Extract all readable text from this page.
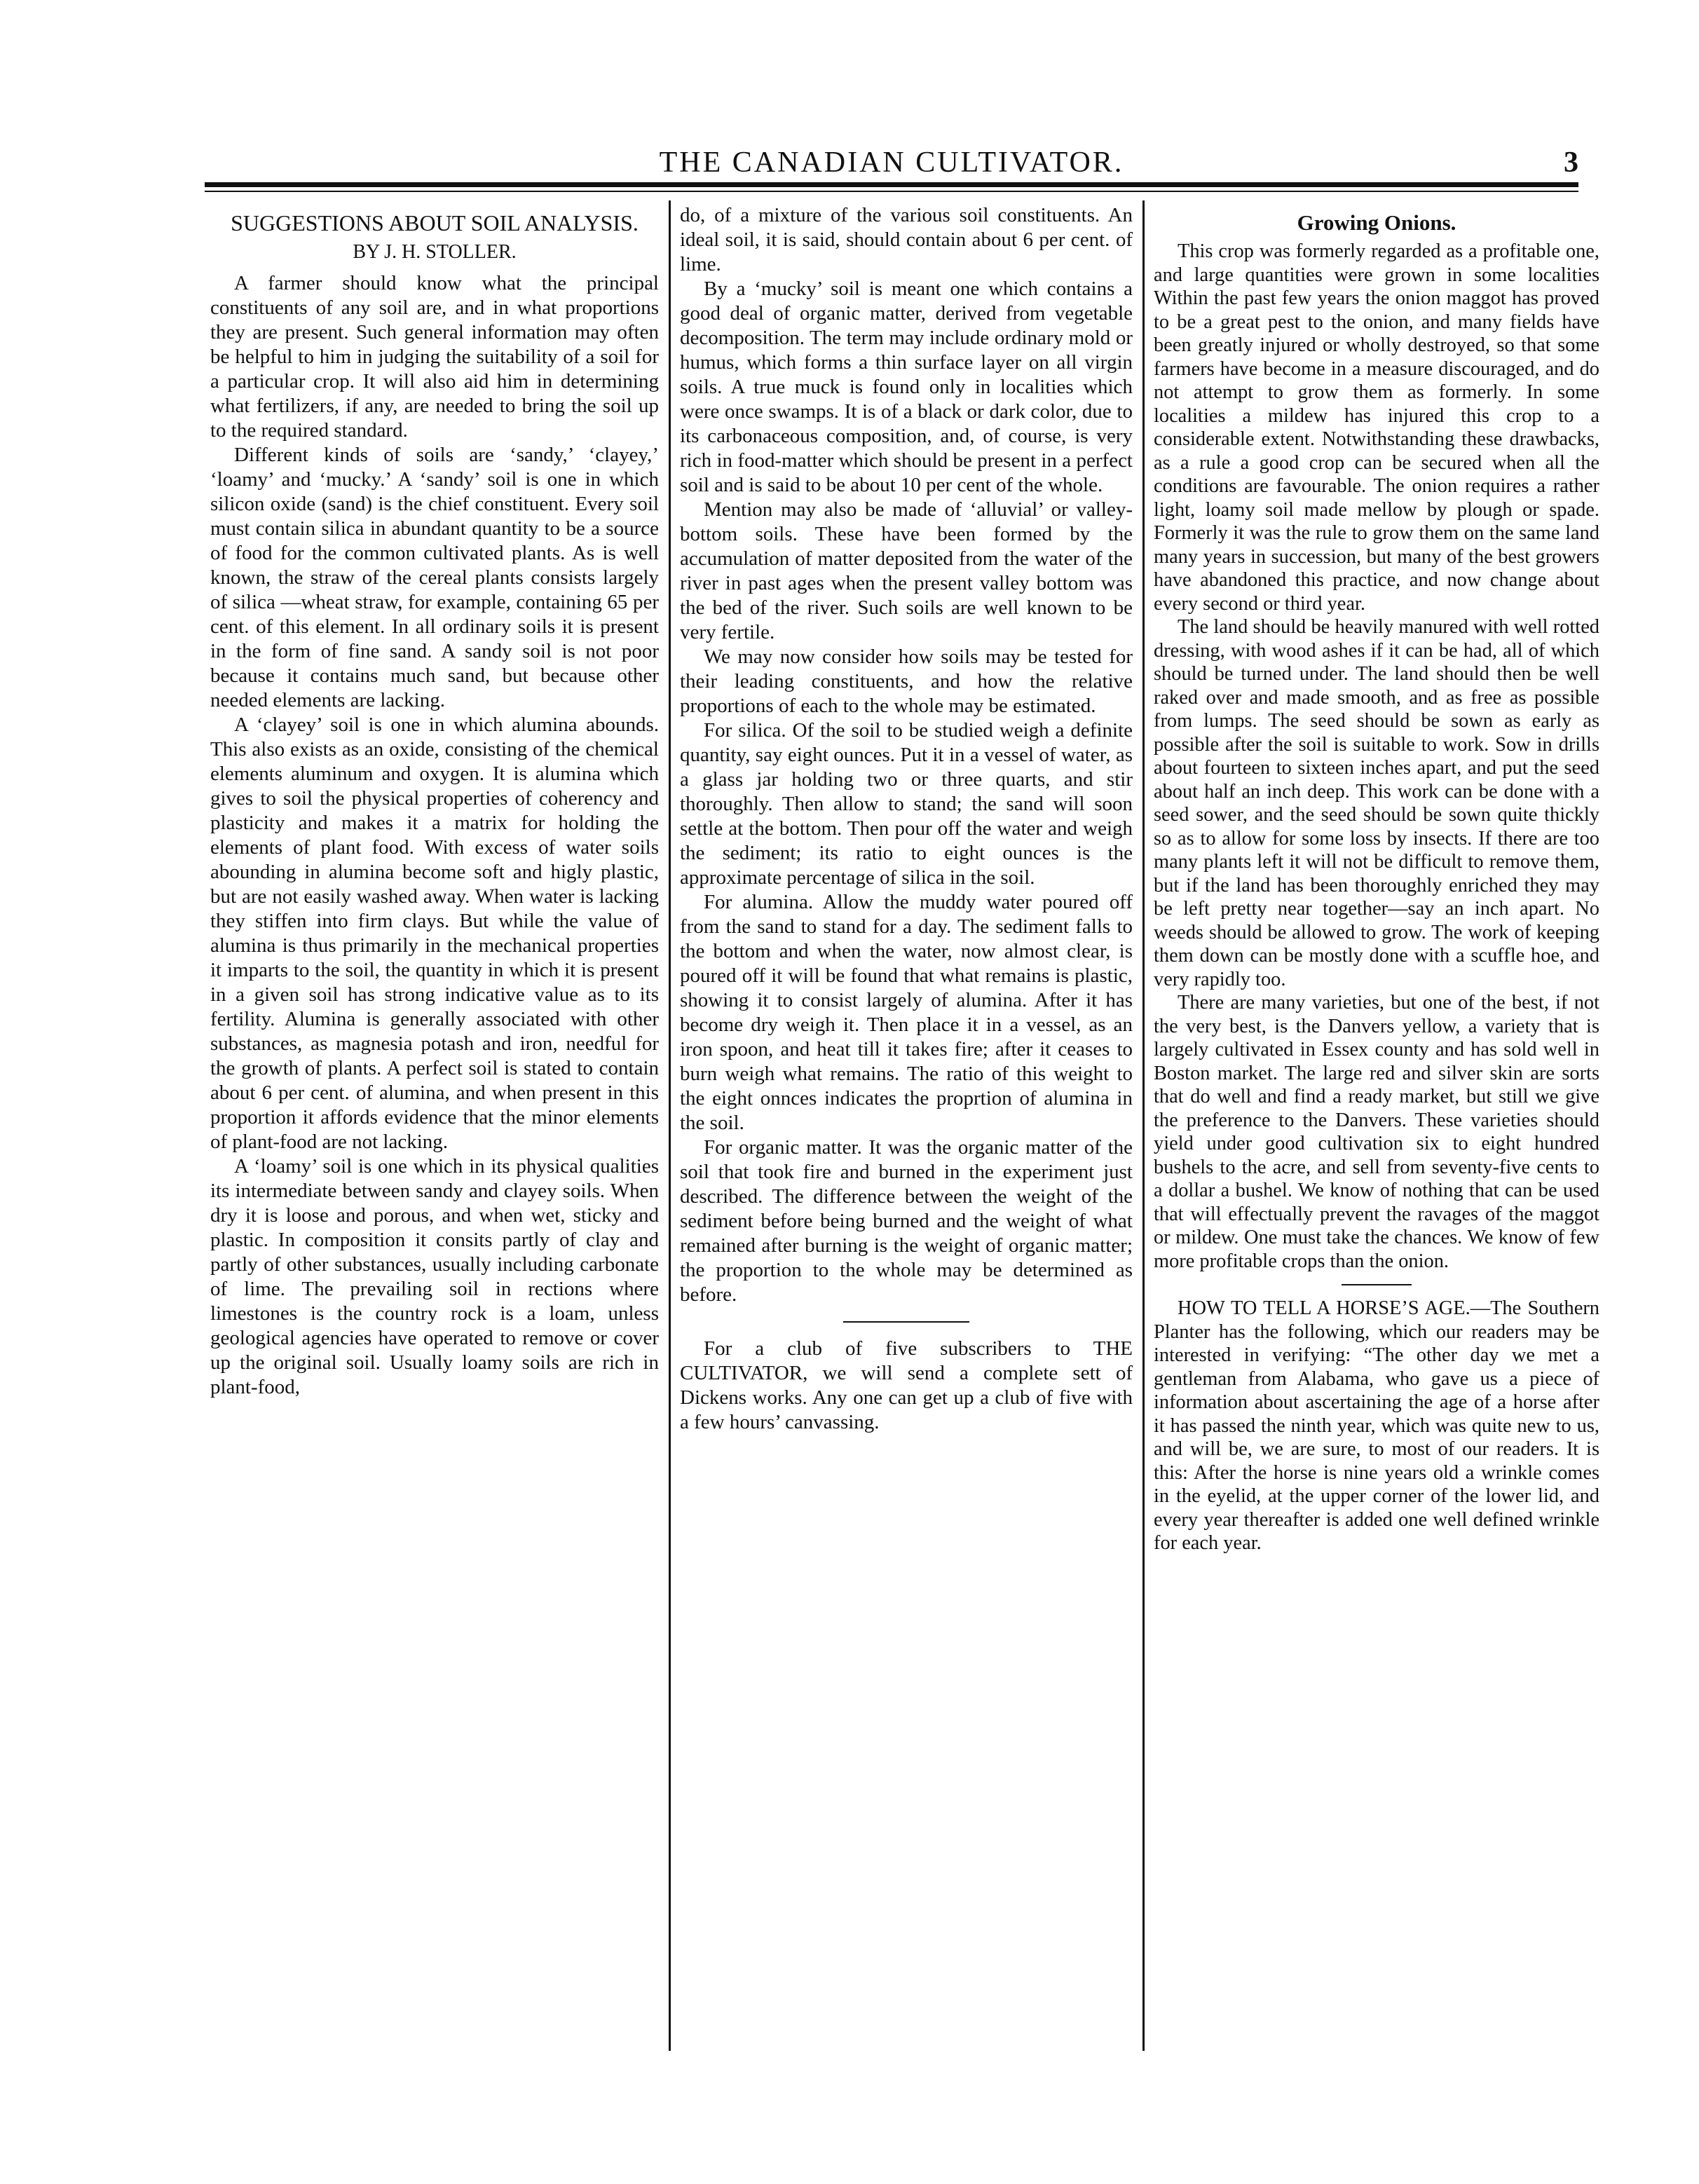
THE CANADIAN CULTIVATOR.	3
SUGGESTIONS ABOUT SOIL ANALYSIS.
BY J. H. STOLLER.

A farmer should know what the principal constituents of any soil are, and in what proportions they are present. Such general information may often be helpful to him in judging the suitability of a soil for a particular crop. It will also aid him in determining what fertilizers, if any, are needed to bring the soil up to the required standard.

Different kinds of soils are ‘sandy,’ ‘clayey,’ ‘loamy’ and ‘mucky.’ A ‘sandy’ soil is one in which silicon oxide (sand) is the chief constituent. Every soil must contain silica in abundant quantity to be a source of food for the common cultivated plants. As is well known, the straw of the cereal plants consists largely of silica —wheat straw, for example, containing 65 per cent. of this element. In all ordinary soils it is present in the form of fine sand. A sandy soil is not poor because it contains much sand, but because other needed elements are lacking.

A ‘clayey’ soil is one in which alumina abounds. This also exists as an oxide, consisting of the chemical elements aluminum and oxygen. It is alumina which gives to soil the physical properties of coherency and plasticity and makes it a matrix for holding the elements of plant food. With excess of water soils abounding in alumina become soft and higly plastic, but are not easily washed away. When water is lacking they stiffen into firm clays. But while the value of alumina is thus primarily in the mechanical properties it imparts to the soil, the quantity in which it is present in a given soil has strong indicative value as to its fertility. Alumina is generally associated with other substances, as magnesia potash and iron, needful for the growth of plants. A perfect soil is stated to contain about 6 per cent. of alumina, and when present in this proportion it affords evidence that the minor elements of plant-food are not lacking.

A ‘loamy’ soil is one which in its physical qualities its intermediate between sandy and clayey soils. When dry it is loose and porous, and when wet, sticky and plastic. In composition it consits partly of clay and partly of other substances, usually including carbonate of lime. The prevailing soil in rections where limestones is the country rock is a loam, unless geological agencies have operated to remove or cover up the original soil. Usually loamy soils are rich in plant-food,

do, of a mixture of the various soil constituents. An ideal soil, it is said, should contain about 6 per cent. of lime.

By a ‘mucky’ soil is meant one which contains a good deal of organic matter, derived from vegetable decomposition. The term may include ordinary mold or humus, which forms a thin surface layer on all virgin soils. A true muck is found only in localities which were once swamps. It is of a black or dark color, due to its carbonaceous composition, and, of course, is very rich in food-matter which should be present in a perfect soil and is said to be about 10 per cent of the whole.

Mention may also be made of ‘alluvial’ or valley-bottom soils. These have been formed by the accumulation of matter deposited from the water of the river in past ages when the present valley bottom was the bed of the river. Such soils are well known to be very fertile.

We may now consider how soils may be tested for their leading constituents, and how the relative proportions of each to the whole may be estimated.

For silica. Of the soil to be studied weigh a definite quantity, say eight ounces. Put it in a vessel of water, as a glass jar holding two or three quarts, and stir thoroughly. Then allow to stand; the sand will soon settle at the bottom. Then pour off the water and weigh the sediment; its ratio to eight ounces is the approximate percentage of silica in the soil.

For alumina. Allow the muddy water poured off from the sand to stand for a day. The sediment falls to the bottom and when the water, now almost clear, is poured off it will be found that what remains is plastic, showing it to consist largely of alumina. After it has become dry weigh it. Then place it in a vessel, as an iron spoon, and heat till it takes fire; after it ceases to burn weigh what remains. The ratio of this weight to the eight onnces indicates the proprtion of alumina in the soil.

For organic matter. It was the organic matter of the soil that took fire and burned in the experiment just described. The difference between the weight of the sediment before being burned and the weight of what remained after burning is the weight of organic matter; the proportion to the whole may be determined as before.

For a club of five subscribers to THE CULTIVATOR, we will send a complete sett of Dickens works. Any one can get up a club of five with a few hours’ canvassing.

Growing Onions.

This crop was formerly regarded as a profitable one, and large quantities were grown in some localities Within the past few years the onion maggot has proved to be a great pest to the onion, and many fields have been greatly injured or wholly destroyed, so that some farmers have become in a measure discouraged, and do not attempt to grow them as formerly. In some localities a mildew has injured this crop to a considerable extent. Notwithstanding these drawbacks, as a rule a good crop can be secured when all the conditions are favourable. The onion requires a rather light, loamy soil made mellow by plough or spade. Formerly it was the rule to grow them on the same land many years in succession, but many of the best growers have abandoned this practice, and now change about every second or third year.

The land should be heavily manured with well rotted dressing, with wood ashes if it can be had, all of which should be turned under. The land should then be well raked over and made smooth, and as free as possible from lumps. The seed should be sown as early as possible after the soil is suitable to work. Sow in drills about fourteen to sixteen inches apart, and put the seed about half an inch deep. This work can be done with a seed sower, and the seed should be sown quite thickly so as to allow for some loss by insects. If there are too many plants left it will not be difficult to remove them, but if the land has been thoroughly enriched they may be left pretty near together—say an inch apart. No weeds should be allowed to grow. The work of keeping them down can be mostly done with a scuffle hoe, and very rapidly too.

There are many varieties, but one of the best, if not the very best, is the Danvers yellow, a variety that is largely cultivated in Essex county and has sold well in Boston market. The large red and silver skin are sorts that do well and find a ready market, but still we give the preference to the Danvers. These varieties should yield under good cultivation six to eight hundred bushels to the acre, and sell from seventy-five cents to a dollar a bushel. We know of nothing that can be used that will effectually prevent the ravages of the maggot or mildew. One must take the chances. We know of few more profitable crops than the onion.

HOW TO TELL A HORSE’S AGE.—The Southern Planter has the following, which our readers may be interested in verifying: “The other day we met a gentleman from Alabama, who gave us a piece of information about ascertaining the age of a horse after it has passed the ninth year, which was quite new to us, and will be, we are sure, to most of our readers. It is this: After the horse is nine years old a wrinkle comes in the eyelid, at the upper corner of the lower lid, and every year thereafter is added one well defined wrinkle for each year.
